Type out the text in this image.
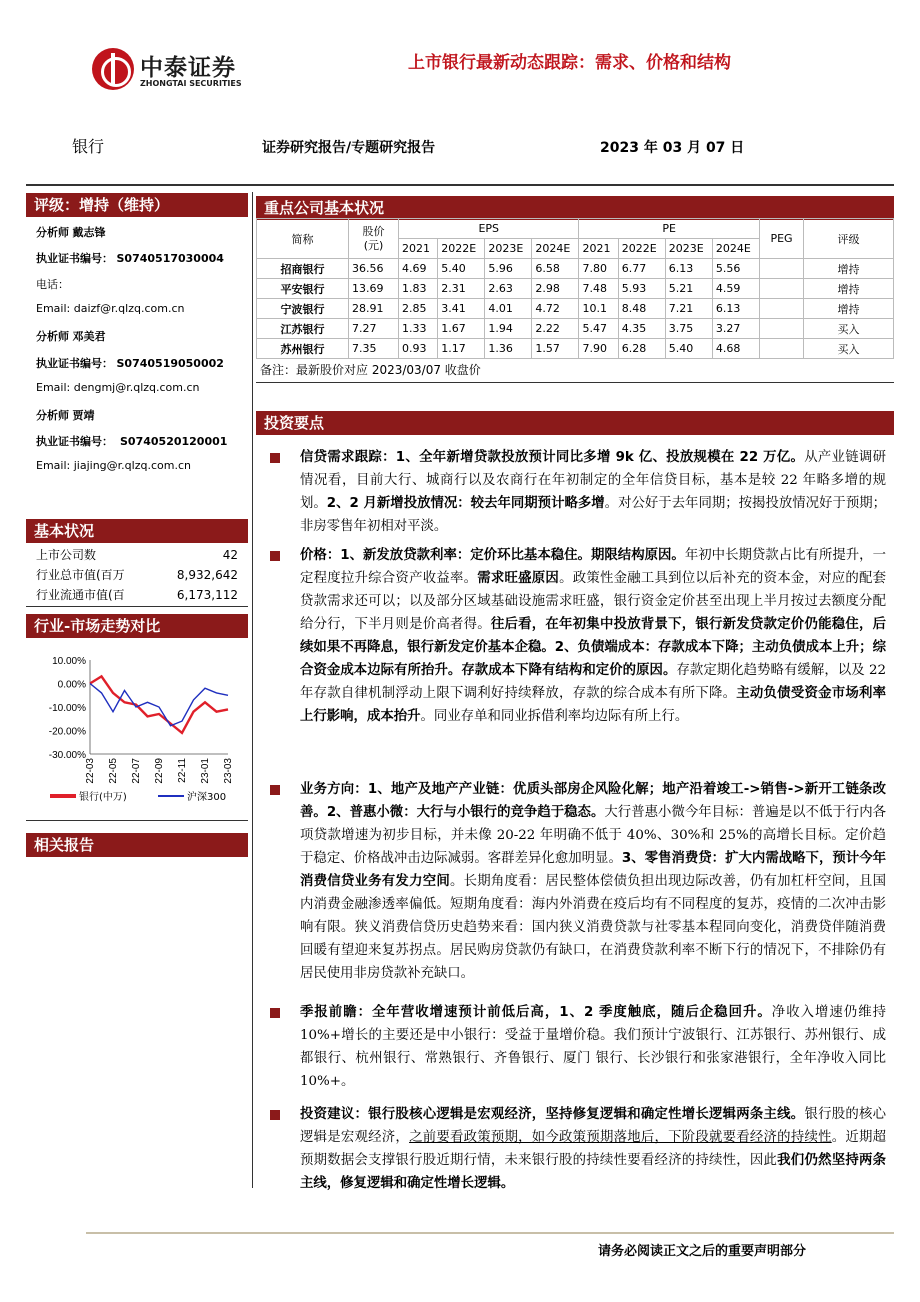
中泰证券
ZHONGTAI SECURITIES
上市银行最新动态跟踪：需求、价格和结构
银行	证券研究报告/专题研究报告	2023 年 03 月 07 日
评级：增持（维持）
分析师 戴志锋
执业证书编号： S0740517030004
电话：
Email: daizf@r.qlzq.com.cn
分析师 邓美君
执业证书编号： S0740519050002
Email: dengmj@r.qlzq.com.cn
分析师 贾靖
执业证书编号： S0740520120001
Email: jiajing@r.qlzq.com.cn
基本状况
上市公司数	42
行业总市值(百万	8,932,642
行业流通市值(百	6,173,112
行业-市场走势对比
10.00%
0.00%
-10.00%
-20.00%
-30.00%
22-03 22-05 22-07 22-09 22-11 23-01 23-03
银行(中万)	沪深300
相关报告
重点公司基本状况
简称	股价
(元)	EPS				PE				PEG	评级
		2021	2022E	2023E	2024E	2021	2022E	2023E	2024E		
招商银行	36.56	4.69	5.40	5.96	6.58	7.80	6.77	6.13	5.56		增持
平安银行	13.69	1.83	2.31	2.63	2.98	7.48	5.93	5.21	4.59		增持
宁波银行	28.91	2.85	3.41	4.01	4.72	10.1	8.48	7.21	6.13		增持
江苏银行	7.27	1.33	1.67	1.94	2.22	5.47	4.35	3.75	3.27		买入
苏州银行	7.35	0.93	1.17	1.36	1.57	7.90	6.28	5.40	4.68		买入
备注：最新股价对应 2023/03/07 收盘价
投资要点
信贷需求跟踪：1、全年新增贷款投放预计同比多增 9k 亿、投放规模在 22 万亿。从产业链调研情况看，目前大行、城商行以及农商行在年初制定的全年信贷目标，基本是较 22 年略多增的规划。2、2 月新增投放情况：较去年同期预计略多增。对公好于去年同期；按揭投放情况好于预期；非房零售年初相对平淡。
价格：1、新发放贷款利率：定价环比基本稳住。期限结构原因。年初中长期贷款占比有所提升，一定程度拉升综合资产收益率。需求旺盛原因。政策性金融工具到位以后补充的资本金，对应的配套贷款需求还可以；以及部分区域基础设施需求旺盛，银行资金定价甚至出现上半月按过去额度分配给分行，下半月则是价高者得。往后看，在年初集中投放背景下，银行新发贷款定价仍能稳住，后续如果不再降息，银行新发定价基本企稳。2、负债端成本：存款成本下降；主动负债成本上升；综合资金成本边际有所抬升。存款成本下降有结构和定价的原因。存款定期化趋势略有缓解，以及 22 年存款自律机制浮动上限下调利好持续释放，存款的综合成本有所下降。主动负债受资金市场利率上行影响，成本抬升。同业存单和同业拆借利率均边际有所上行。
业务方向：1、地产及地产产业链：优质头部房企风险化解；地产沿着竣工->销售->新开工链条改善。2、普惠小微：大行与小银行的竞争趋于稳态。大行普惠小微今年目标：普遍是以不低于行内各项贷款增速为初步目标，并未像 20-22 年明确不低于 40%、30%和 25%的高增长目标。定价趋于稳定、价格战冲击边际减弱。客群差异化愈加明显。3、零售消费贷：扩大内需战略下，预计今年消费信贷业务有发力空间。长期角度看：居民整体偿债负担出现边际改善，仍有加杠杆空间，且国内消费金融渗透率偏低。短期角度看：海内外消费在疫后均有不同程度的复苏，疫情的二次冲击影响有限。狭义消费信贷历史趋势来看：国内狭义消费贷款与社零基本程同向变化，消费贷伴随消费回暖有望迎来复苏拐点。居民购房贷款仍有缺口，在消费贷款利率不断下行的情况下，不排除仍有居民使用非房贷款补充缺口。
季报前瞻：全年营收增速预计前低后高，1、2 季度触底，随后企稳回升。净收入增速仍维持 10%+增长的主要还是中小银行：受益于量增价稳。我们预计宁波银行、江苏银行、苏州银行、成都银行、杭州银行、常熟银行、齐鲁银行、厦门 银行、长沙银行和张家港银行，全年净收入同比 10%+。
投资建议：银行股核心逻辑是宏观经济，坚持修复逻辑和确定性增长逻辑两条主线。银行股的核心逻辑是宏观经济，之前要看政策预期，如今政策预期落地后，下阶段就要看经济的持续性。近期超预期数据会支撑银行股近期行情，未来银行股的持续性要看经济的持续性，因此我们仍然坚持两条主线，修复逻辑和确定性增长逻辑。
请务必阅读正文之后的重要声明部分
